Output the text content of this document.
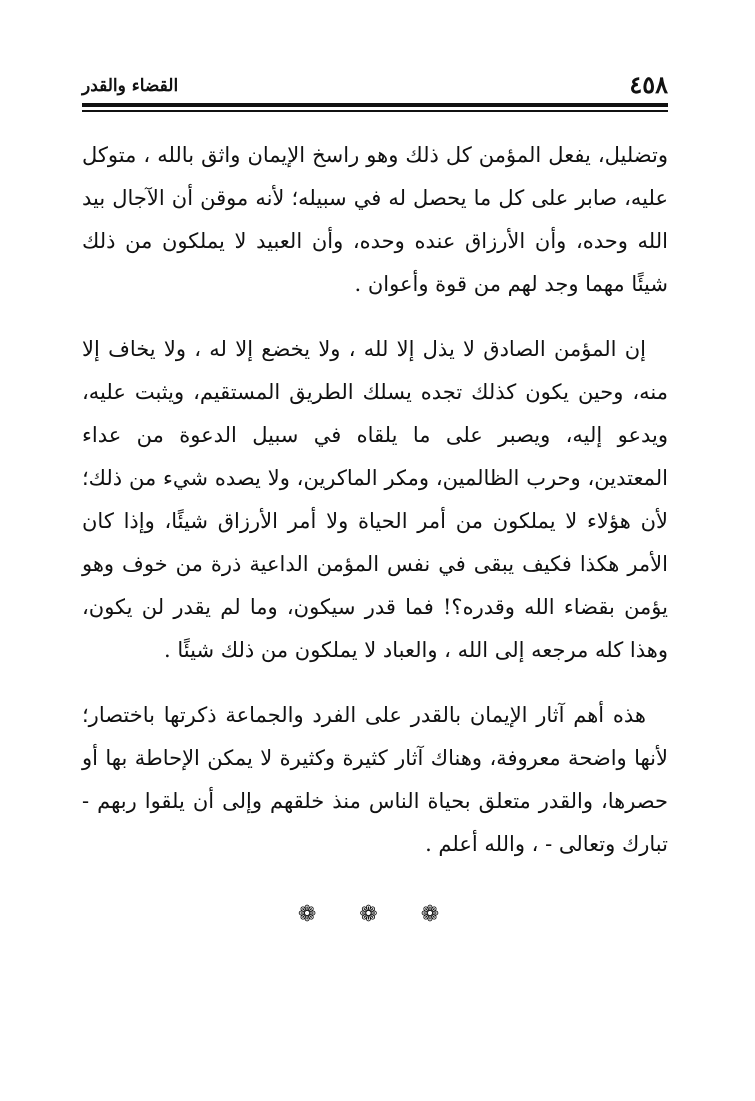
٤٥٨
القضاء والقدر

وتضليل، يفعل المؤمن كل ذلك وهو راسخ الإيمان واثق بالله ، متوكل عليه، صابر على كل ما يحصل له في سبيله؛ لأنه موقن أن الآجال بيد الله وحده، وأن الأرزاق عنده وحده، وأن العبيد لا يملكون من ذلك شيئًا مهما وجد لهم من قوة وأعوان .

إن المؤمن الصادق لا يذل إلا لله ، ولا يخضع إلا له ، ولا يخاف إلا منه، وحين يكون كذلك تجده يسلك الطريق المستقيم، ويثبت عليه، ويدعو إليه، ويصبر على ما يلقاه في سبيل الدعوة من عداء المعتدين، وحرب الظالمين، ومكر الماكرين، ولا يصده شيء من ذلك؛ لأن هؤلاء لا يملكون من أمر الحياة ولا أمر الأرزاق شيئًا، وإذا كان الأمر هكذا فكيف يبقى في نفس المؤمن الداعية ذرة من خوف وهو يؤمن بقضاء الله وقدره؟! فما قدر سيكون، وما لم يقدر لن يكون، وهذا كله مرجعه إلى الله ، والعباد لا يملكون من ذلك شيئًا .

هذه أهم آثار الإيمان بالقدر على الفرد والجماعة ذكرتها باختصار؛ لأنها واضحة معروفة، وهناك آثار كثيرة وكثيرة لا يمكن الإحاطة بها أو حصرها، والقدر متعلق بحياة الناس منذ خلقهم وإلى أن يلقوا ربهم - تبارك وتعالى - ، والله أعلم .

❁ ❁ ❁
